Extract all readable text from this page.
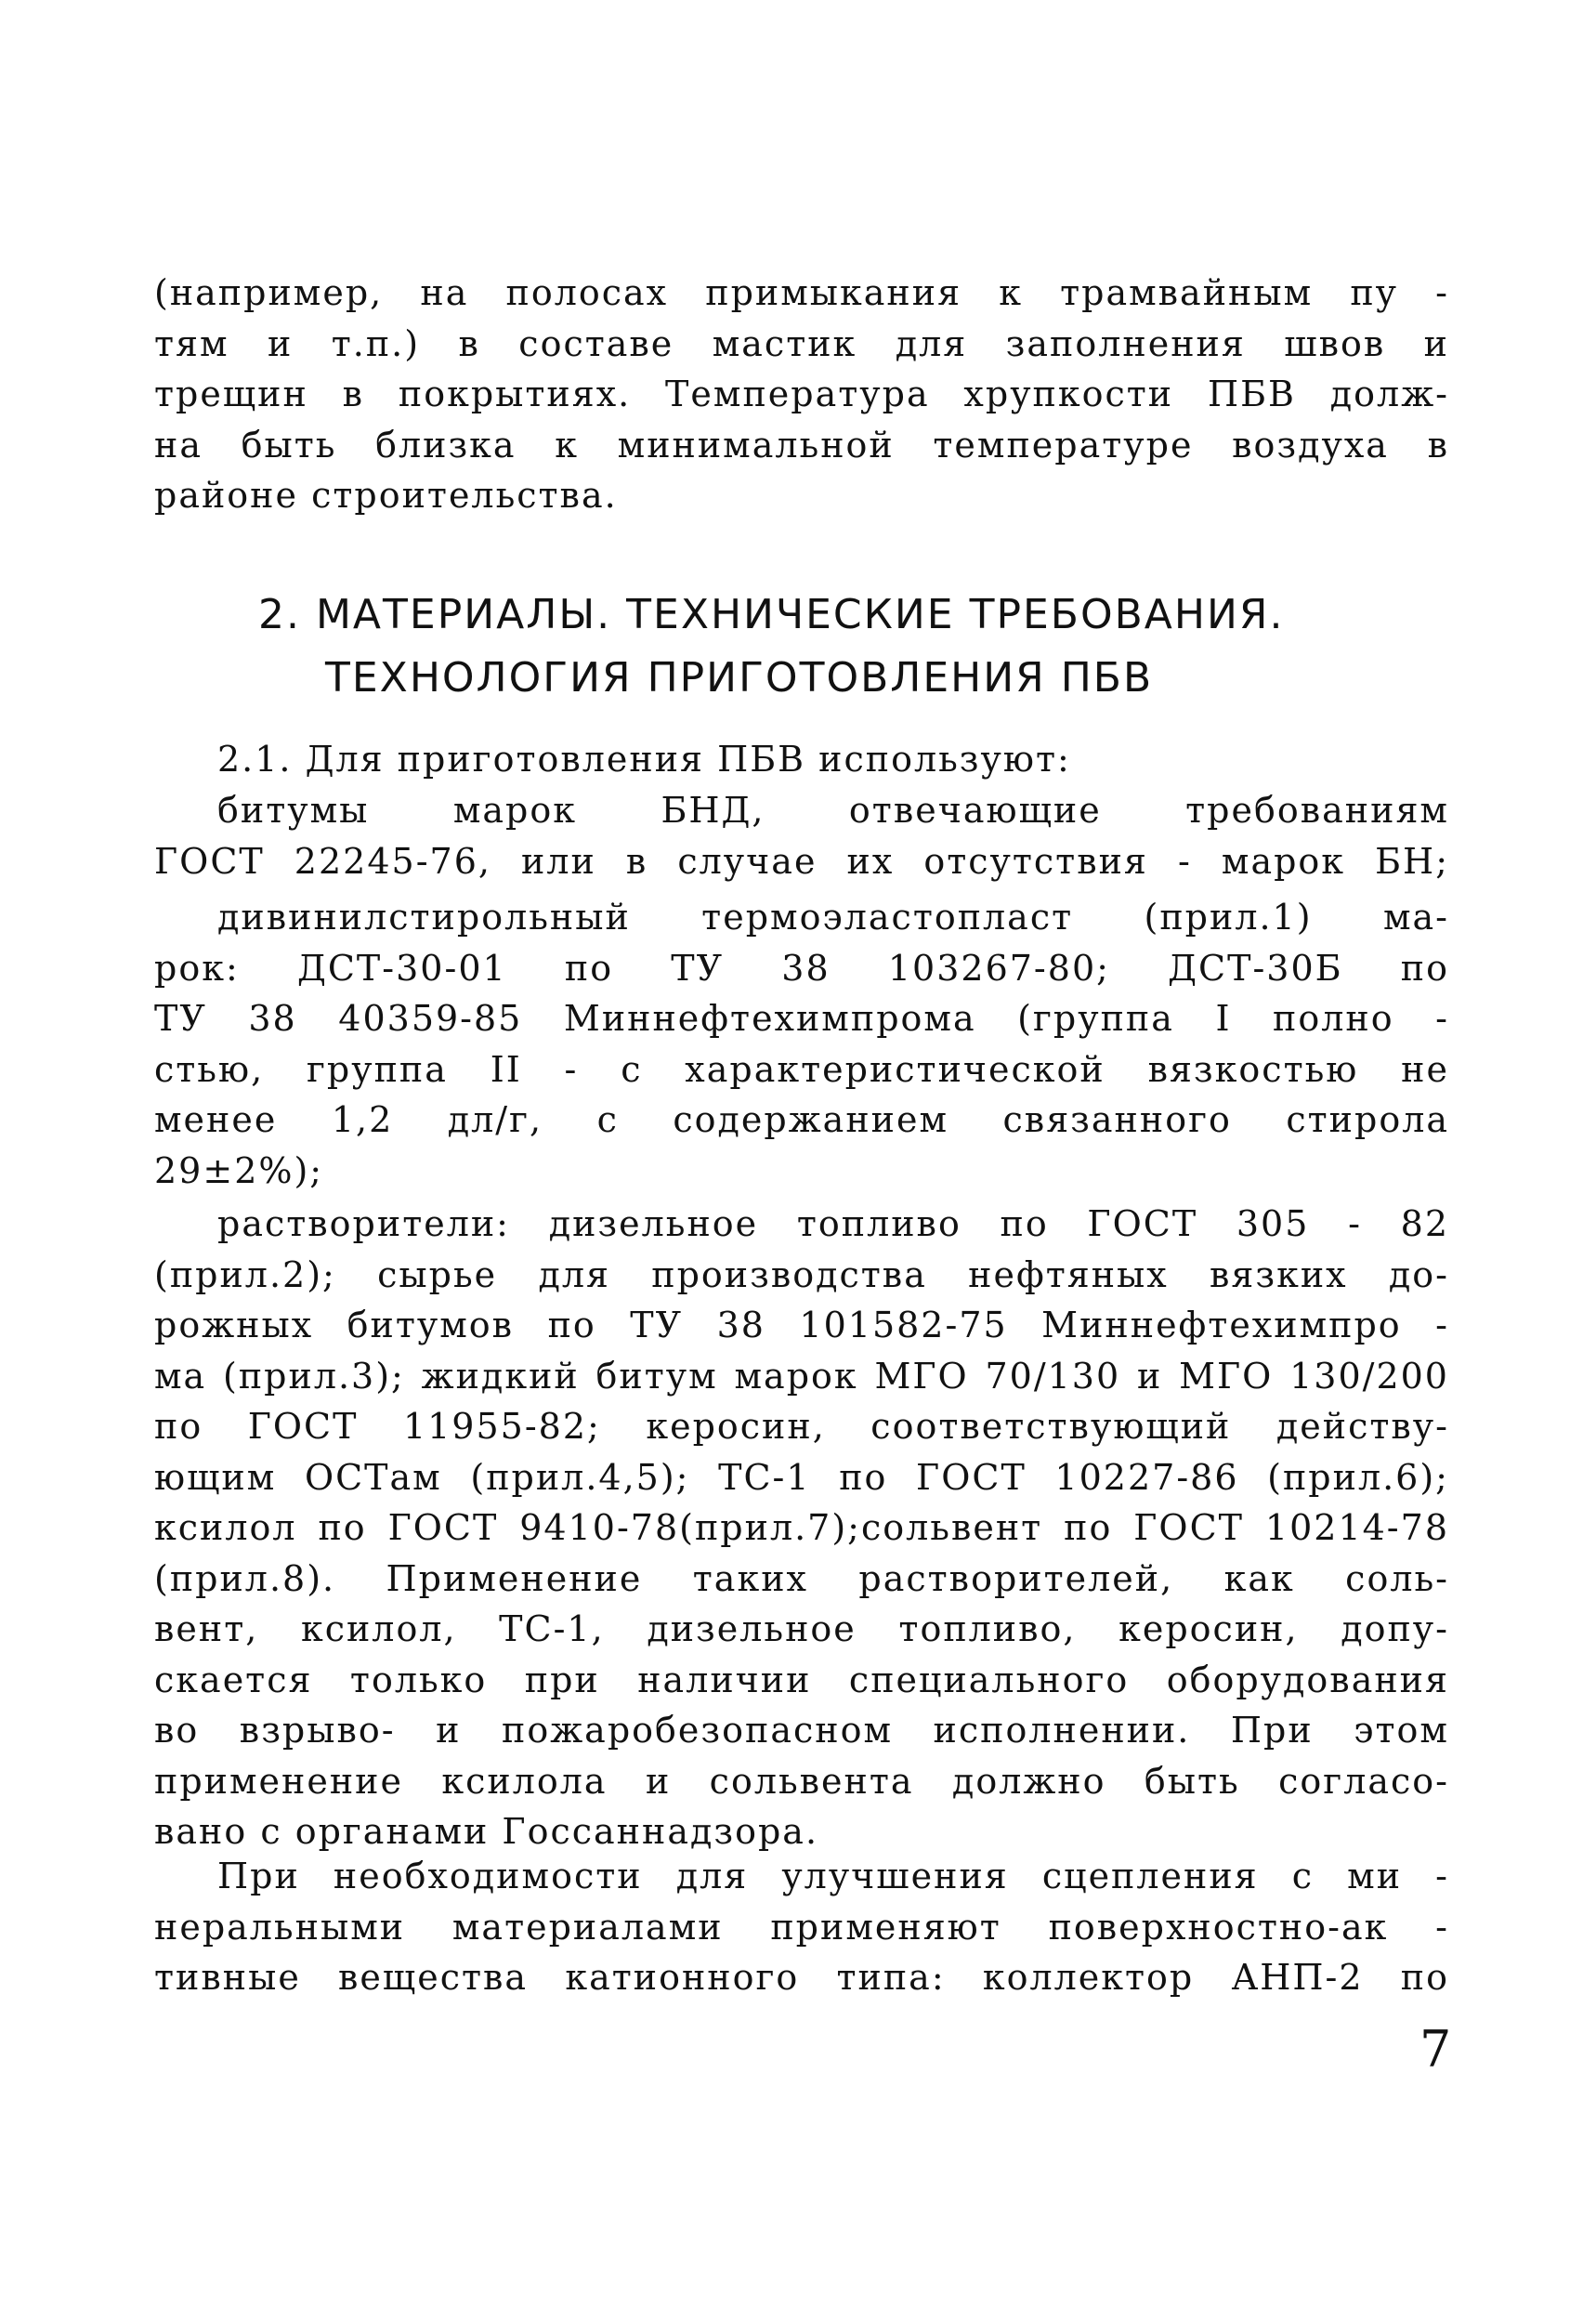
(например, на полосах примыкания к трамвайным пу -
тям и т.п.) в составе мастик для заполнения швов и
трещин в покрытиях. Температура хрупкости ПБВ долж-
на быть близка к минимальной температуре воздуха в
районе строительства.
2. МАТЕРИАЛЫ. ТЕХНИЧЕСКИЕ ТРЕБОВАНИЯ.
ТЕХНОЛОГИЯ ПРИГОТОВЛЕНИЯ ПБВ
2.1. Для приготовления ПБВ используют:
битумы марок БНД, отвечающие требованиям
ГОСТ 22245-76, или в случае их отсутствия - марок БН;
дивинилстирольный термоэластопласт (прил.1) ма-
рок: ДСТ-30-01 по ТУ 38 103267-80; ДСТ-30Б по
ТУ 38 40359-85 Миннефтехимпрома (группа I полно -
стью, группа II - с характеристической вязкостью не
менее 1,2 дл/г, с содержанием связанного стирола
29±2%);
растворители: дизельное топливо по ГОСТ 305 - 82
(прил.2); сырье для производства нефтяных вязких до-
рожных битумов по ТУ 38 101582-75 Миннефтехимпро -
ма (прил.3); жидкий битум марок МГО 70/130 и МГО 130/200
по ГОСТ 11955-82; керосин, соответствующий действу-
ющим ОСТам (прил.4,5); ТС-1 по ГОСТ 10227-86 (прил.6);
ксилол по ГОСТ 9410-78(прил.7);сольвент по ГОСТ 10214-78
(прил.8). Применение таких растворителей, как соль-
вент, ксилол, ТС-1, дизельное топливо, керосин, допу-
скается только при наличии специального оборудования
во взрыво- и пожаробезопасном исполнении. При этом
применение ксилола и сольвента должно быть согласо-
вано с органами Госсаннадзора.
При необходимости для улучшения сцепления с ми -
неральными материалами применяют поверхностно-ак -
тивные вещества катионного типа: коллектор АНП-2 по
7
